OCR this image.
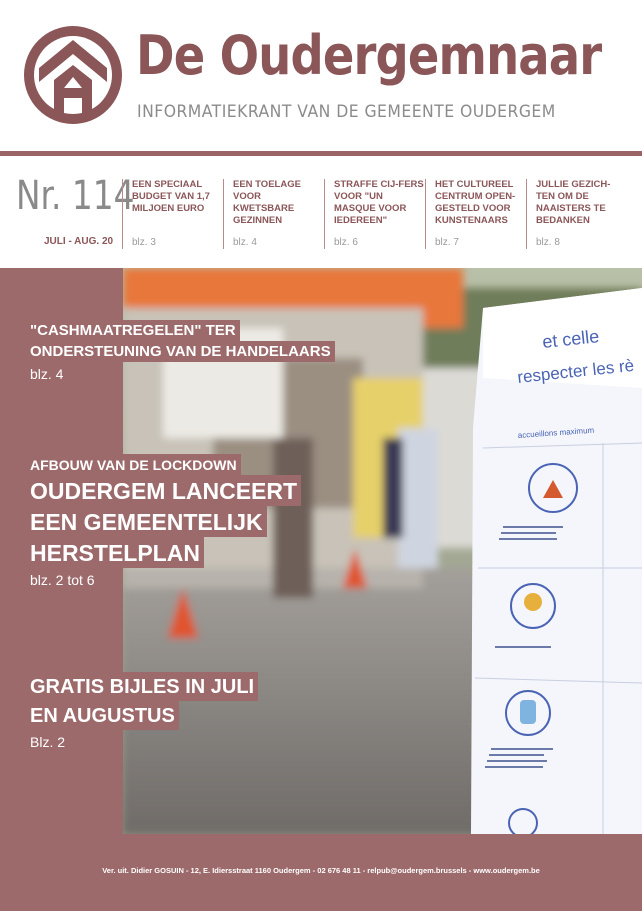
De Oudergemnaar
INFORMATIEKRANT VAN DE GEMEENTE OUDERGEM
Nr. 114
JULI - AUG. 20
EEN SPECIAAL BUDGET VAN 1,7 MILJOEN EURO
blz. 3
EEN TOELAGE VOOR KWETSBARE GEZINNEN
blz. 4
STRAFFE CIJ-FERS VOOR "UN MASQUE VOOR IEDEREEN"
blz. 6
HET CULTUREEL CENTRUM OPEN-GESTELD VOOR KUNSTENAARS
blz. 7
JULLIE GEZICH-TEN OM DE NAAISTERS TE BEDANKEN
blz. 8
et celle
respecter les rè
accueillons maximum
"CASHMAATREGELEN" TER
ONDERSTEUNING VAN DE HANDELAARS
blz. 4
AFBOUW VAN DE LOCKDOWN
OUDERGEM LANCEERT
EEN GEMEENTELIJK
HERSTELPLAN
blz. 2 tot 6
GRATIS BIJLES IN JULI
EN AUGUSTUS
Blz. 2
Ver. uit. Didier GOSUIN - 12, E. Idiersstraat 1160 Oudergem - 02 676 48 11 - relpub@oudergem.brussels - www.oudergem.be
